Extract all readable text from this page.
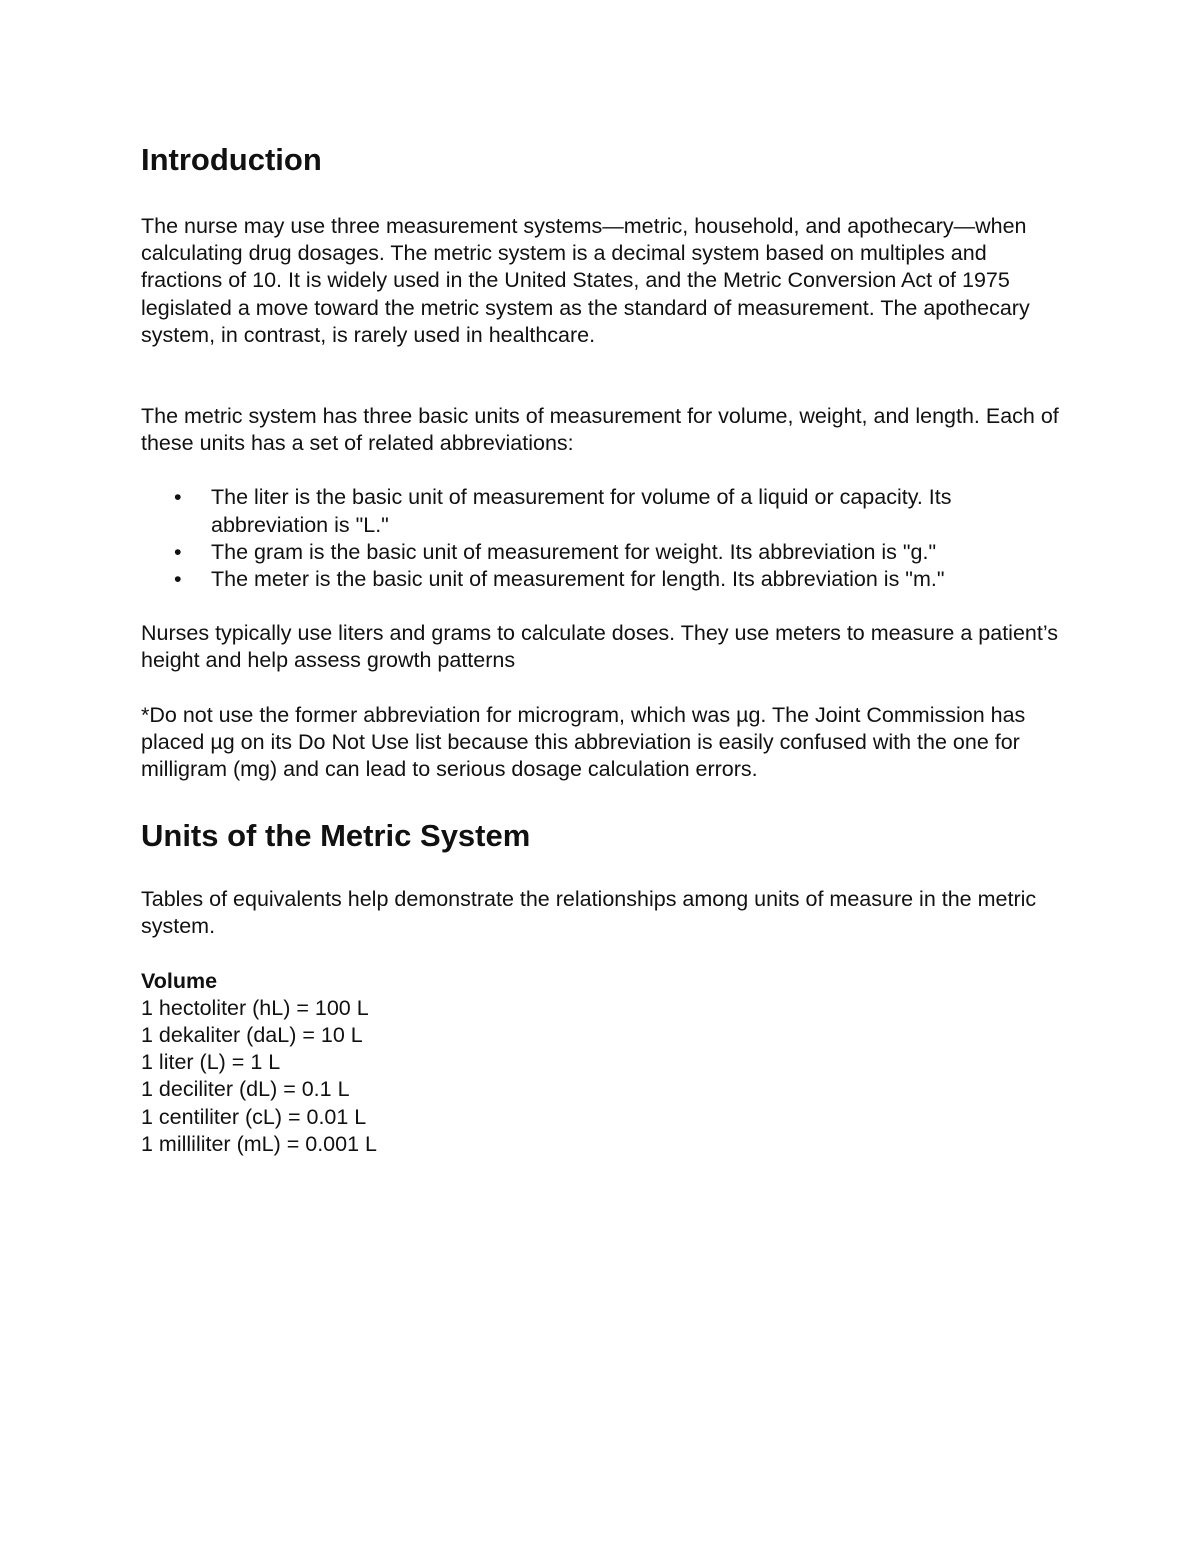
Introduction

The nurse may use three measurement systems—metric, household, and apothecary—when calculating drug dosages. The metric system is a decimal system based on multiples and fractions of 10. It is widely used in the United States, and the Metric Conversion Act of 1975 legislated a move toward the metric system as the standard of measurement. The apothecary system, in contrast, is rarely used in healthcare.

The metric system has three basic units of measurement for volume, weight, and length. Each of these units has a set of related abbreviations:

• The liter is the basic unit of measurement for volume of a liquid or capacity. Its abbreviation is "L."
• The gram is the basic unit of measurement for weight. Its abbreviation is "g."
• The meter is the basic unit of measurement for length. Its abbreviation is "m."

Nurses typically use liters and grams to calculate doses. They use meters to measure a patient’s height and help assess growth patterns

*Do not use the former abbreviation for microgram, which was µg. The Joint Commission has placed µg on its Do Not Use list because this abbreviation is easily confused with the one for milligram (mg) and can lead to serious dosage calculation errors.

Units of the Metric System

Tables of equivalents help demonstrate the relationships among units of measure in the metric system.

Volume
1 hectoliter (hL) = 100 L
1 dekaliter (daL) = 10 L
1 liter (L) = 1 L
1 deciliter (dL) = 0.1 L
1 centiliter (cL) = 0.01 L
1 milliliter (mL) = 0.001 L
